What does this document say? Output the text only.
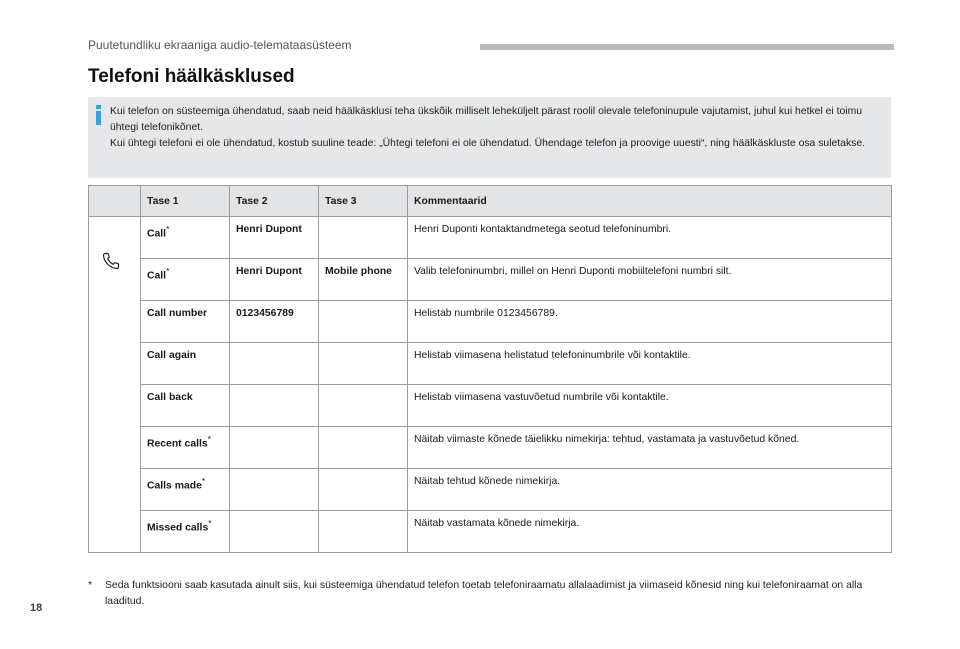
Puutetundliku ekraaniga audio-telemataasüsteem
Telefoni häälkäsklused

Kui telefon on süsteemiga ühendatud, saab neid häälkäsklusi teha ükskõik milliselt leheküljelt pärast roolil olevale telefoninupule vajutamist, juhul kui hetkel ei toimu ühtegi telefonikõnet.

Kui ühtegi telefoni ei ole ühendatud, kostub suuline teade: „Ühtegi telefoni ei ole ühendatud. Ühendage telefon ja proovige uuesti“, ning häälkäskluste osa suletakse.

	Tase 1	Tase 2	Tase 3	Kommentaarid

	Call*	Henri Dupont		Henri Duponti kontaktandmetega seotud telefoninumbri.
	Call*	Henri Dupont	Mobile phone	Valib telefoninumbri, millel on Henri Duponti mobiiltelefoni numbri silt.
	Call number	0123456789		Helistab numbrile 0123456789.
	Call again			Helistab viimasena helistatud telefoninumbrile või kontaktile.
	Call back			Helistab viimasena vastuvõetud numbrile või kontaktile.
	Recent calls*			Näitab viimaste kõnede täielikku nimekirja: tehtud, vastamata ja vastuvõetud kõned.
	Calls made*			Näitab tehtud kõnede nimekirja.
	Missed calls*			Näitab vastamata kõnede nimekirja.
* Seda funktsiooni saab kasutada ainult siis, kui süsteemiga ühendatud telefon toetab telefoniraamatu allalaadimist ja viimaseid kõnesid ning kui telefoniraamat on alla laaditud.
18
